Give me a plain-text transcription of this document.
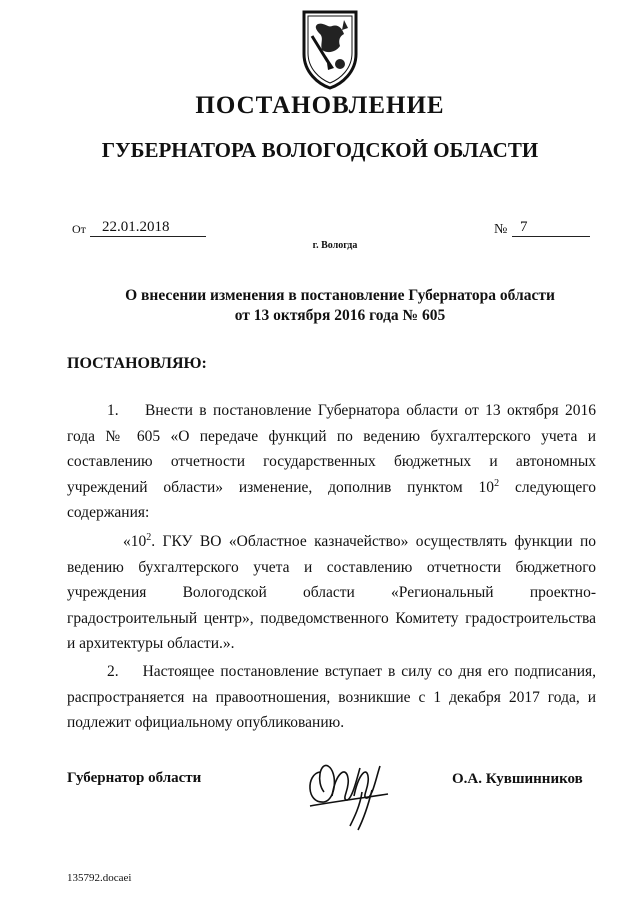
ПОСТАНОВЛЕНИЕ
ГУБЕРНАТОРА ВОЛОГОДСКОЙ ОБЛАСТИ
От	22.01.2018	№ 7
г. Вологда
О внесении изменения в постановление Губернатора области
от 13 октября 2016 года № 605
ПОСТАНОВЛЯЮ:
1. Внести в постановление Губернатора области от 13 октября 2016 года № 605 «О передаче функций по ведению бухгалтерского учета и составлению отчетности государственных бюджетных и автономных учреждений области» изменение, дополнив пунктом $10^2$ следующего содержания:
«$10^2$. ГКУ ВО «Областное казначейство» осуществлять функции по ведению бухгалтерского учета и составлению отчетности бюджетного учреждения Вологодской области «Региональный проектно-градостроительный центр», подведомственного Комитету градостроительства и архитектуры области.».
2. Настоящее постановление вступает в силу со дня его подписания, распространяется на правоотношения, возникшие с 1 декабря 2017 года, и подлежит официальному опубликованию.
Губернатор области	О.А. Кувшинников
135792.docaei
